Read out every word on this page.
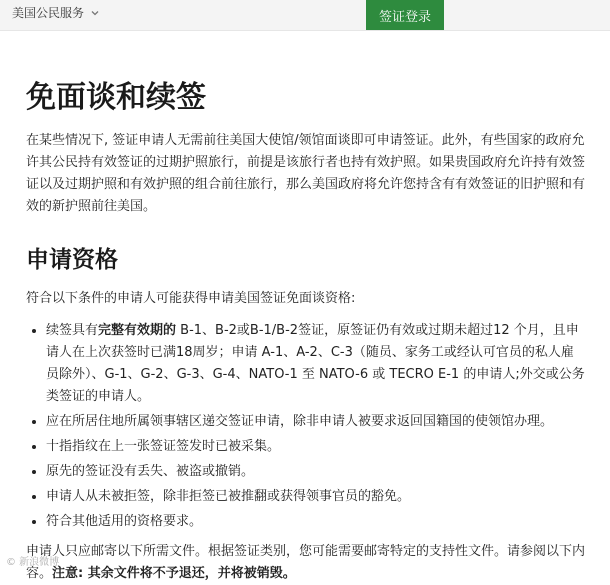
美国公民服务	签证登录
免面谈和续签

在某些情况下, 签证申请人无需前往美国大使馆/领馆面谈即可申请签证。此外，有些国家的政府允许其公民持有效签证的过期护照旅行，前提是该旅行者也持有效护照。如果贵国政府允许持有效签证以及过期护照和有效护照的组合前往旅行，那么美国政府将允许您持含有有效签证的旧护照和有效的新护照前往美国。

申请资格

符合以下条件的申请人可能获得申请美国签证免面谈资格:

• 续签具有完整有效期的 B-1、B-2或B-1/B-2签证，原签证仍有效或过期未超过12 个月，且申请人在上次获签时已满18周岁；申请 A-1、A-2、C-3（随员、家务工或经认可官员的私人雇员除外）、G-1、G-2、G-3、G-4、NATO-1 至 NATO-6 或 TECRO E-1 的申请人;外交或公务类签证的申请人。
• 应在所居住地所属领事辖区递交签证申请，除非申请人被要求返回国籍国的使领馆办理。
• 十指指纹在上一张签证签发时已被采集。
• 原先的签证没有丢失、被盗或撤销。
• 申请人从未被拒签，除非拒签已被推翻或获得领事官员的豁免。
• 符合其他适用的资格要求。

申请人只应邮寄以下所需文件。根据签证类别，您可能需要邮寄特定的支持性文件。请参阅以下内容。注意: 其余文件将不予退还，并将被销毁。

© 新浪微博
